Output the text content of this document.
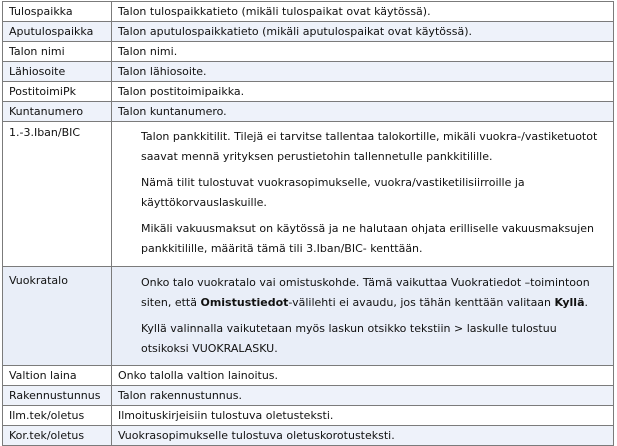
Tulospaikka	Talon tulospaikkatieto (mikäli tulospaikat ovat käytössä).
Aputulospaikka	Talon aputulospaikkatieto (mikäli aputulospaikat ovat käytössä).
Talon nimi	Talon nimi.
Lähiosoite	Talon lähiosoite.
PostitoimiPk	Talon postitoimipaikka.
Kuntanumero	Talon kuntanumero.
1.-3.Iban/BIC	Talon pankkitilit. Tilejä ei tarvitse tallentaa talokortille, mikäli vuokra-/vastiketuotot saavat mennä yrityksen perustietohin tallennetulle pankkitilille.

Nämä tilit tulostuvat vuokrasopimukselle, vuokra/vastiketilisiirroille ja käyttökorvauslaskuille.

Mikäli vakuusmaksut on käytössä ja ne halutaan ohjata erilliselle vakuusmaksujen pankkitilille, määritä tämä tili 3.Iban/BIC- kenttään.

Vuokratalo	Onko talo vuokratalo vai omistuskohde. Tämä vaikuttaa Vuokratiedot –toimintoon siten, että Omistustiedot-välilehti ei avaudu, jos tähän kenttään valitaan Kyllä.

Kyllä valinnalla vaikutetaan myös laskun otsikko tekstiin > laskulle tulostuu otsikoksi VUOKRALASKU.

Valtion laina	Onko talolla valtion lainoitus.
Rakennustunnus	Talon rakennustunnus.
Ilm.tek/oletus	Ilmoituskirjeisiin tulostuva oletusteksti.
Kor.tek/oletus	Vuokrasopimukselle tulostuva oletuskorotusteksti.
